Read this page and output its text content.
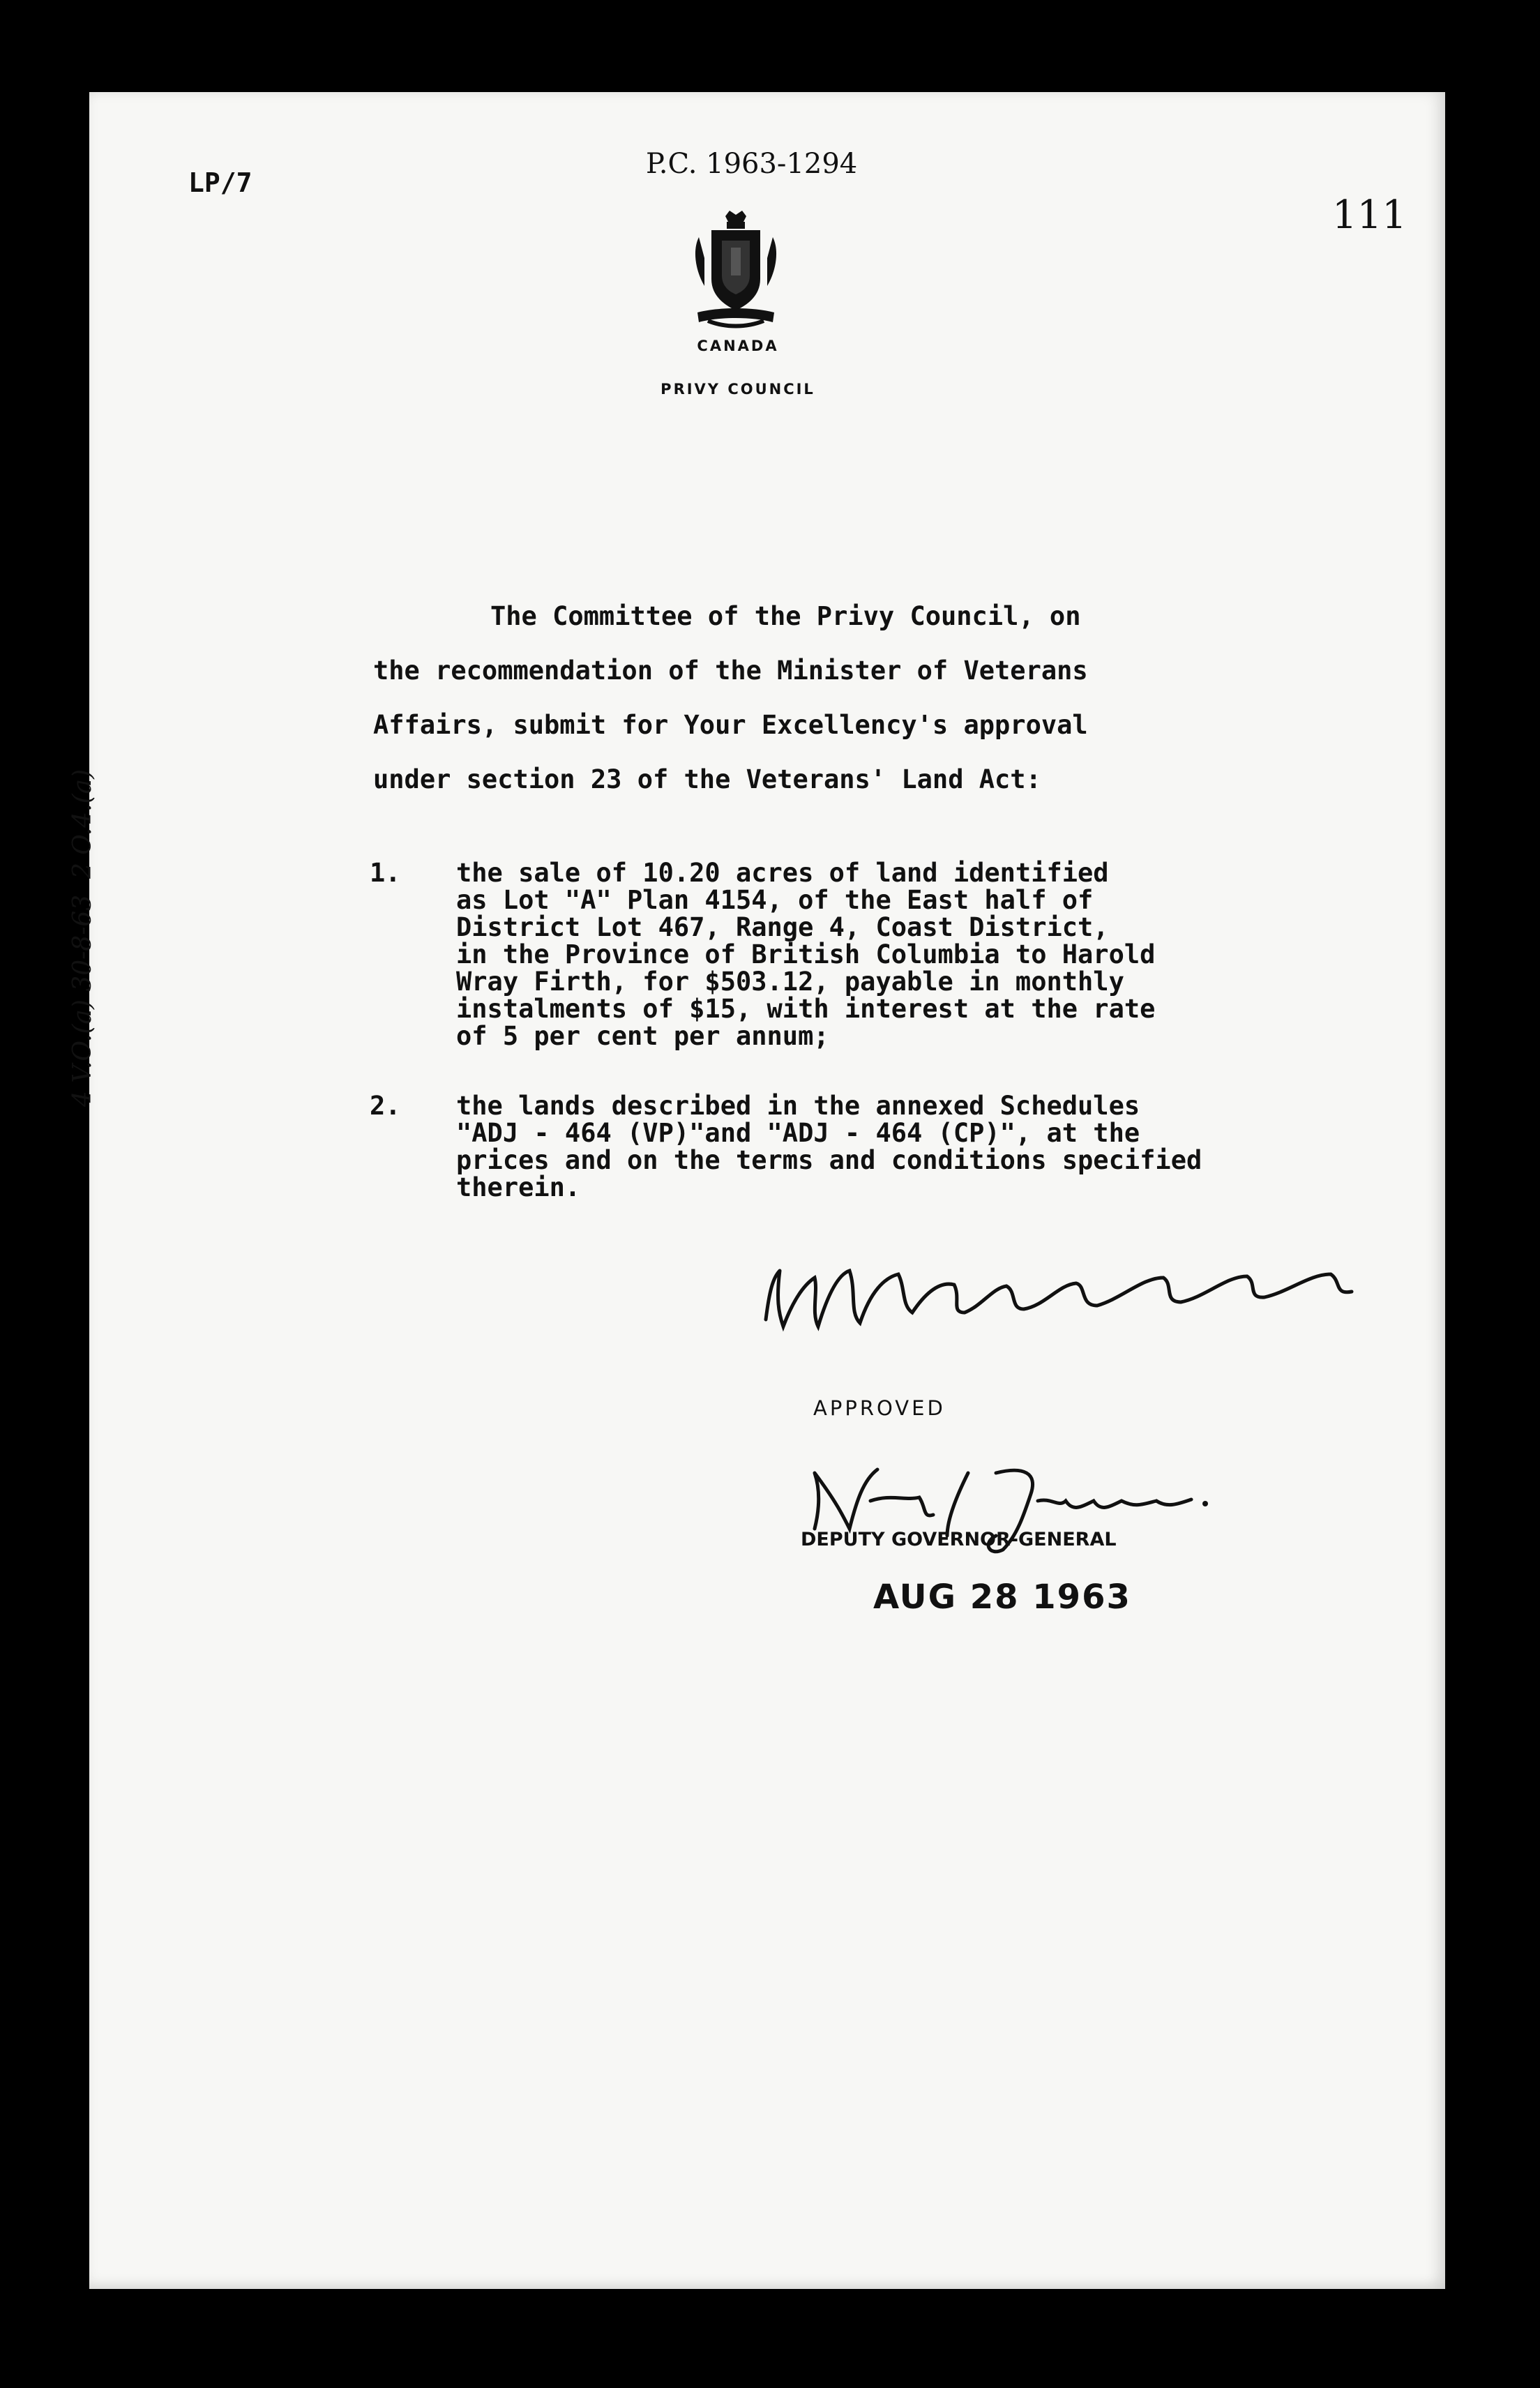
LP/7
P.C. 1963-1294
111
CANADA
PRIVY COUNCIL
The Committee of the Privy Council, on
the recommendation of the Minister of Veterans
Affairs, submit for Your Excellency's approval
under section 23 of the Veterans' Land Act:
1. the sale of 10.20 acres of land identified
as Lot "A" Plan 4154, of the East half of
District Lot 467, Range 4, Coast District,
in the Province of British Columbia to Harold
Wray Firth, for $503.12, payable in monthly
instalments of $15, with interest at the rate
of 5 per cent per annum;
2. the lands described in the annexed Schedules
"ADJ - 464 (VP)"and "ADJ - 464 (CP)", at the
prices and on the terms and conditions specified
therein.
4 V.O.(a) 30-8-63  2 O.4.(a)
APPROVED
DEPUTY GOVERNOR-GENERAL
AUG 28 1963
